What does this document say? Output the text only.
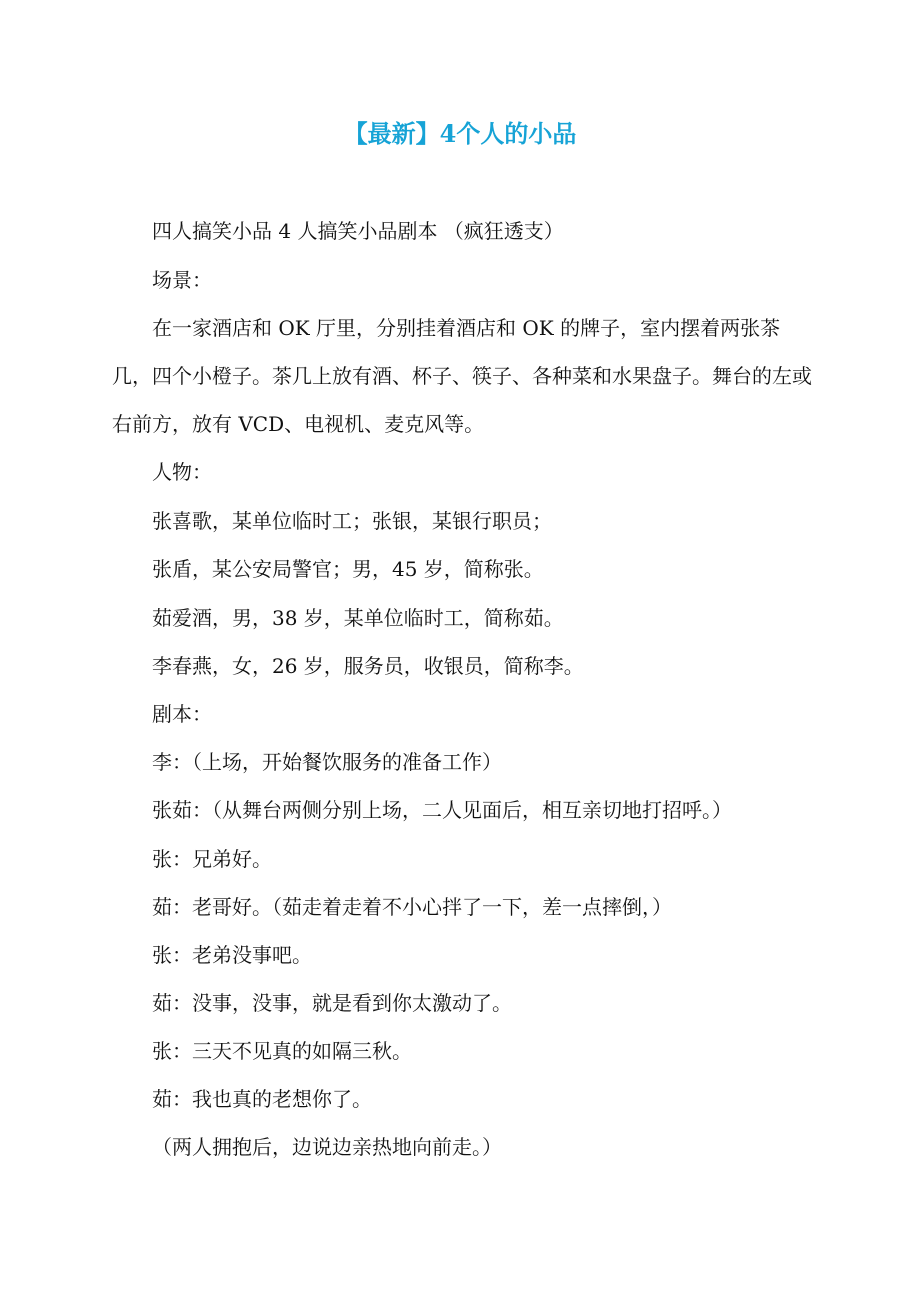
【最新】4个人的小品

四人搞笑小品 4 人搞笑小品剧本 （疯狂透支）

场景：

在一家酒店和 OK 厅里，分别挂着酒店和 OK 的牌子，室内摆着两张茶几，四个小橙子。茶几上放有酒、杯子、筷子、各种菜和水果盘子。舞台的左或右前方，放有 VCD、电视机、麦克风等。

人物：

张喜歌，某单位临时工；张银，某银行职员；

张盾，某公安局警官；男，45 岁，简称张。

茹爱酒，男，38 岁，某单位临时工，简称茹。

李春燕，女，26 岁，服务员，收银员，简称李。

剧本：

李：（上场，开始餐饮服务的准备工作）

张茹：（从舞台两侧分别上场，二人见面后，相互亲切地打招呼。）

张：兄弟好。

茹：老哥好。（茹走着走着不小心拌了一下，差一点摔倒，）

张：老弟没事吧。

茹：没事，没事，就是看到你太激动了。

张：三天不见真的如隔三秋。

茹：我也真的老想你了。

（两人拥抱后，边说边亲热地向前走。）
